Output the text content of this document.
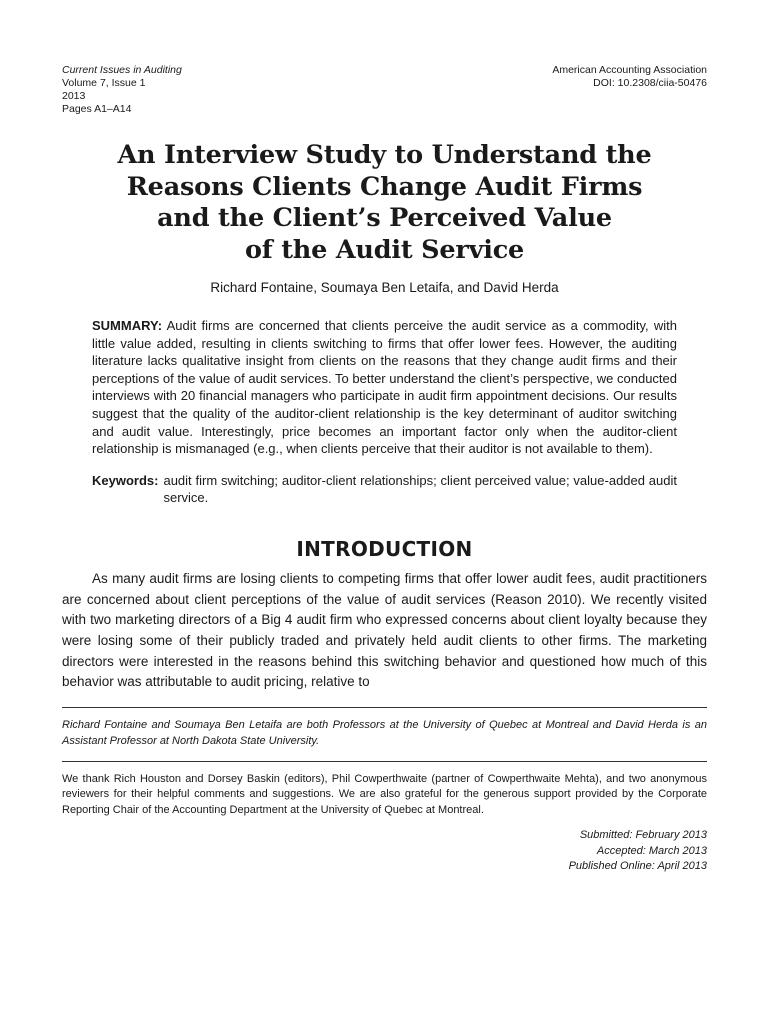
Current Issues in Auditing
Volume 7, Issue 1
2013
Pages A1–A14
American Accounting Association
DOI: 10.2308/ciia-50476
An Interview Study to Understand the
Reasons Clients Change Audit Firms
and the Client’s Perceived Value
of the Audit Service
Richard Fontaine, Soumaya Ben Letaifa, and David Herda
SUMMARY: Audit firms are concerned that clients perceive the audit service as a commodity, with little value added, resulting in clients switching to firms that offer lower fees. However, the auditing literature lacks qualitative insight from clients on the reasons that they change audit firms and their perceptions of the value of audit services. To better understand the client’s perspective, we conducted interviews with 20 financial managers who participate in audit firm appointment decisions. Our results suggest that the quality of the auditor-client relationship is the key determinant of auditor switching and audit value. Interestingly, price becomes an important factor only when the auditor-client relationship is mismanaged (e.g., when clients perceive that their auditor is not available to them).
Keywords: audit firm switching; auditor-client relationships; client perceived value; value-added audit service.
INTRODUCTION

As many audit firms are losing clients to competing firms that offer lower audit fees, audit practitioners are concerned about client perceptions of the value of audit services (Reason 2010). We recently visited with two marketing directors of a Big 4 audit firm who expressed concerns about client loyalty because they were losing some of their publicly traded and privately held audit clients to other firms. The marketing directors were interested in the reasons behind this switching behavior and questioned how much of this behavior was attributable to audit pricing, relative to

Richard Fontaine and Soumaya Ben Letaifa are both Professors at the University of Quebec at Montreal and David Herda is an Assistant Professor at North Dakota State University.
We thank Rich Houston and Dorsey Baskin (editors), Phil Cowperthwaite (partner of Cowperthwaite Mehta), and two anonymous reviewers for their helpful comments and suggestions. We are also grateful for the generous support provided by the Corporate Reporting Chair of the Accounting Department at the University of Quebec at Montreal.
Submitted: February 2013
Accepted: March 2013
Published Online: April 2013
